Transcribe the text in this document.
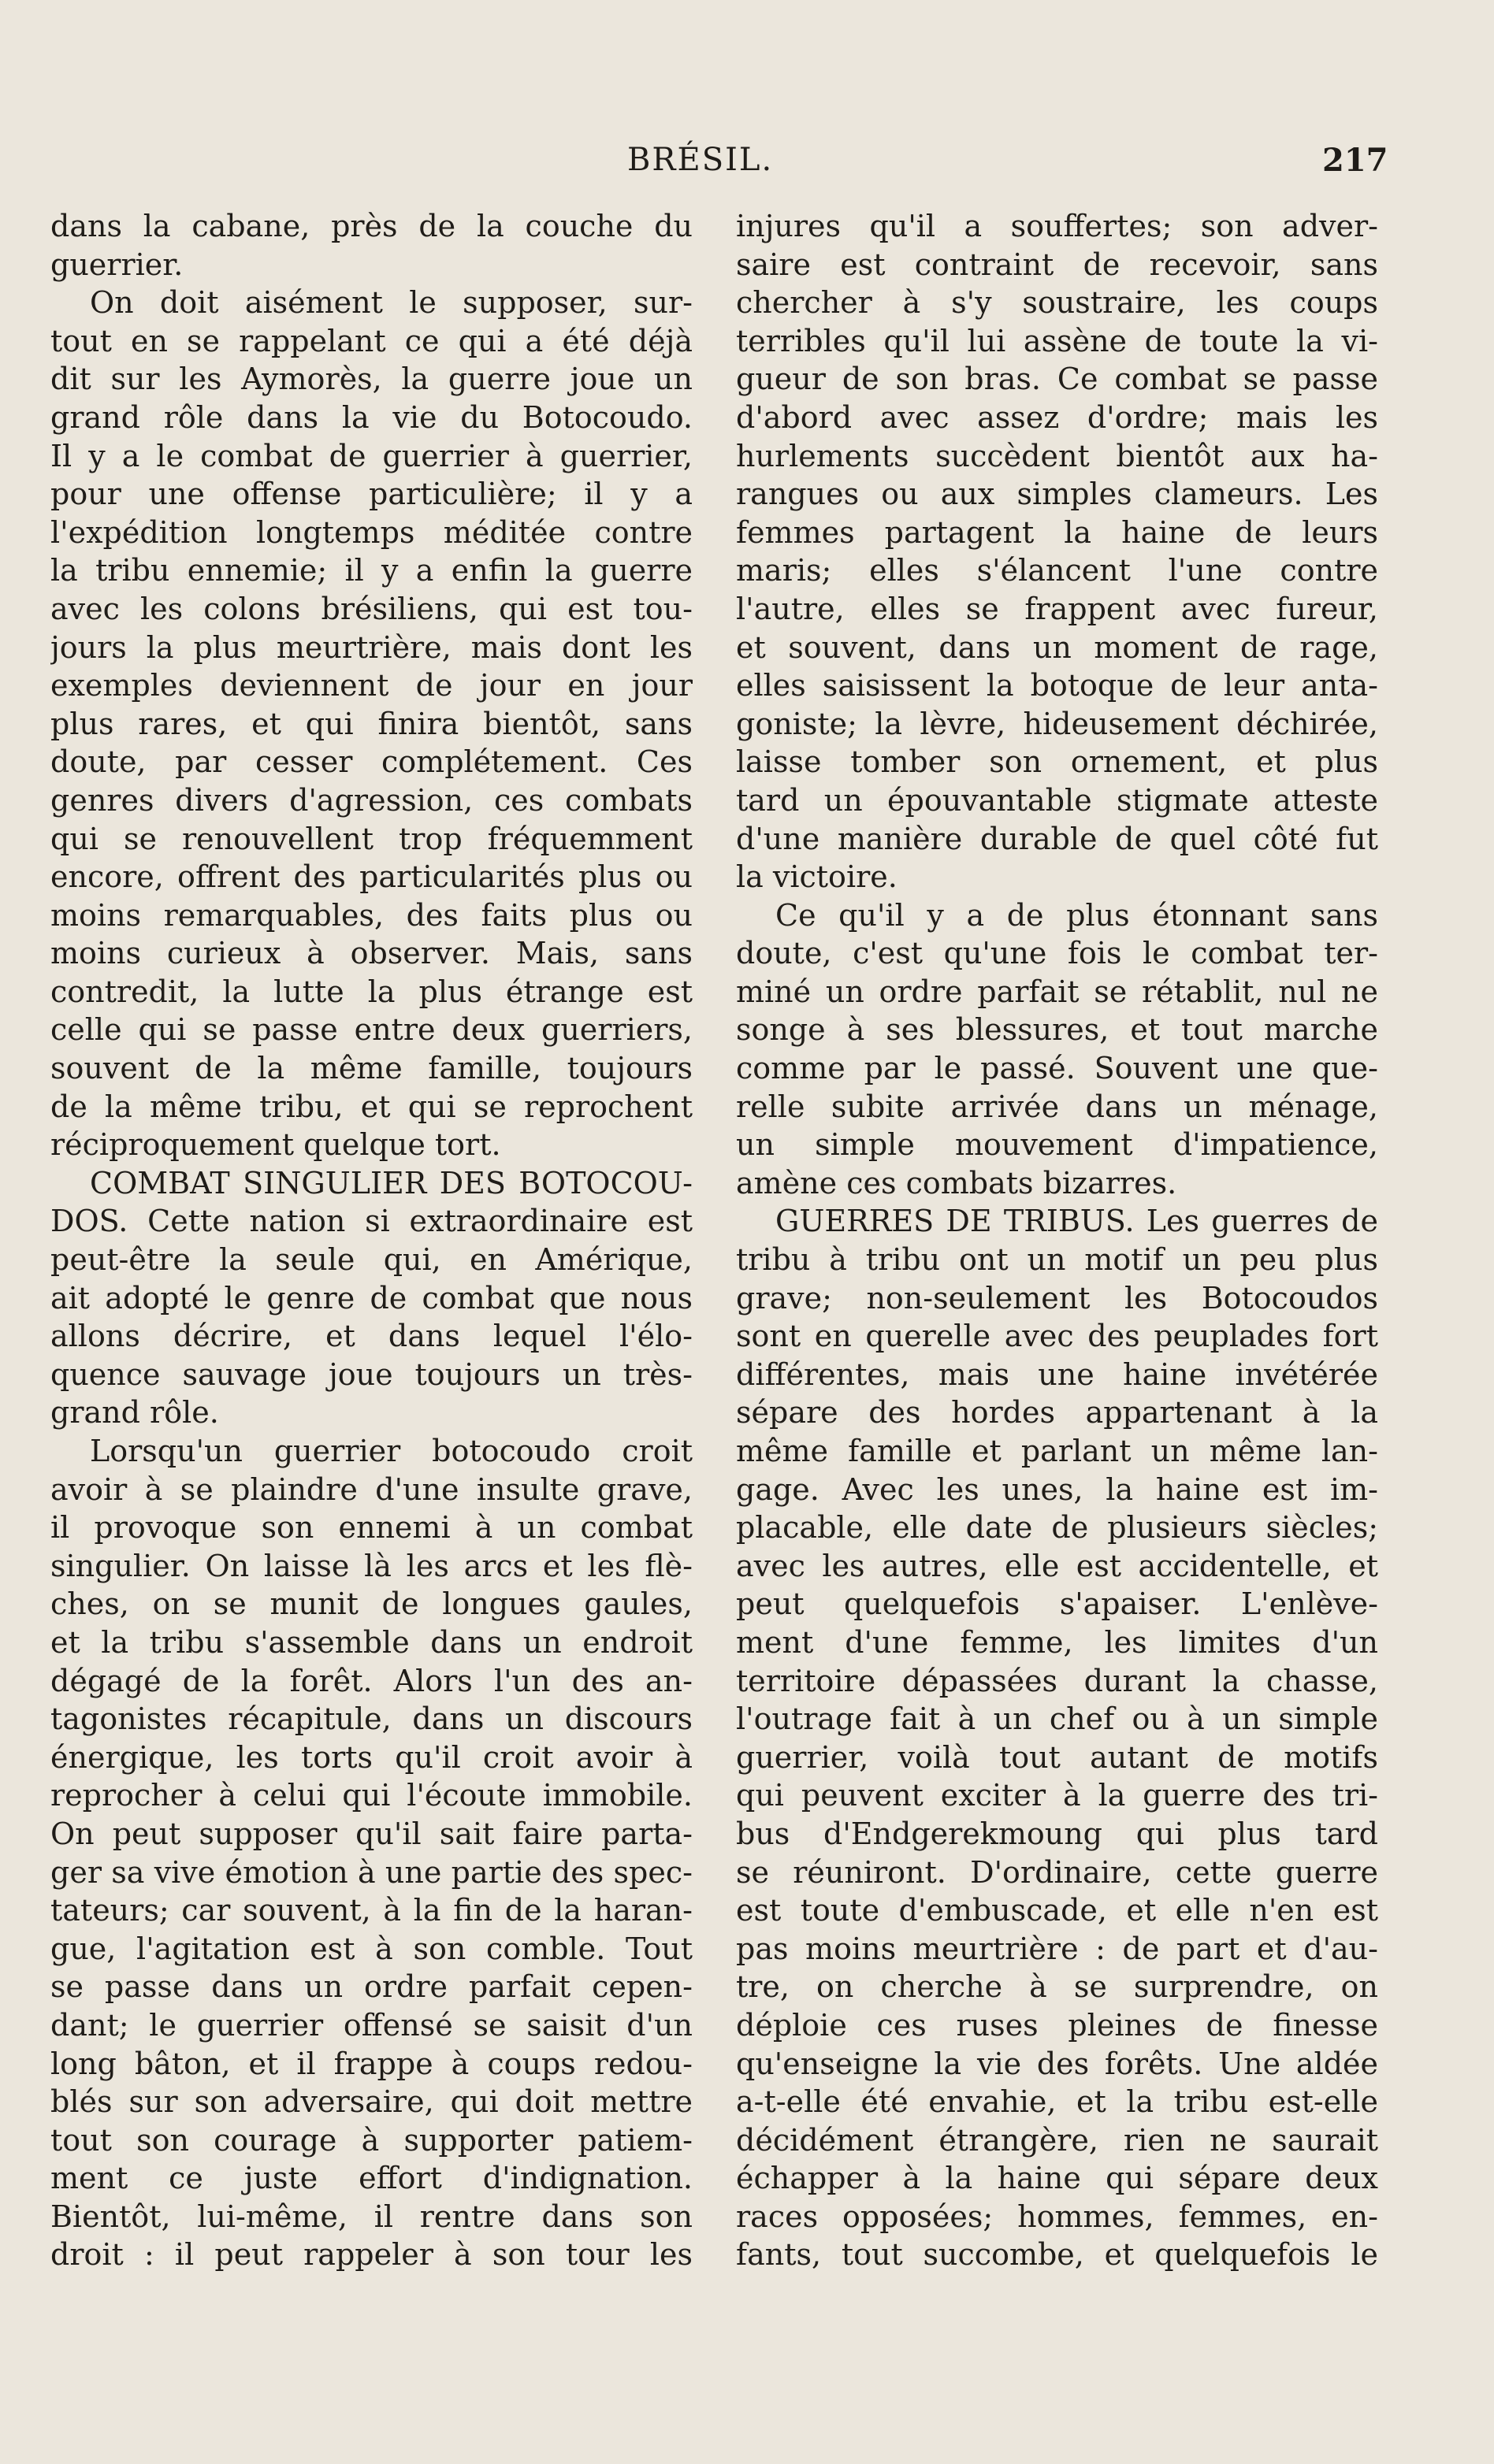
BRÉSIL.	217
dans la cabane, près de la couche du
guerrier.
On doit aisément le supposer, sur-
tout en se rappelant ce qui a été déjà
dit sur les Aymorès, la guerre joue un
grand rôle dans la vie du Botocoudo.
Il y a le combat de guerrier à guerrier,
pour une offense particulière; il y a
l'expédition longtemps méditée contre
la tribu ennemie; il y a enfin la guerre
avec les colons brésiliens, qui est tou-
jours la plus meurtrière, mais dont les
exemples deviennent de jour en jour
plus rares, et qui finira bientôt, sans
doute, par cesser complétement. Ces
genres divers d'agression, ces combats
qui se renouvellent trop fréquemment
encore, offrent des particularités plus ou
moins remarquables, des faits plus ou
moins curieux à observer. Mais, sans
contredit, la lutte la plus étrange est
celle qui se passe entre deux guerriers,
souvent de la même famille, toujours
de la même tribu, et qui se reprochent
réciproquement quelque tort.
COMBAT SINGULIER DES BOTOCOU-
DOS. Cette nation si extraordinaire est
peut-être la seule qui, en Amérique,
ait adopté le genre de combat que nous
allons décrire, et dans lequel l'élo-
quence sauvage joue toujours un très-
grand rôle.
Lorsqu'un guerrier botocoudo croit
avoir à se plaindre d'une insulte grave,
il provoque son ennemi à un combat
singulier. On laisse là les arcs et les flè-
ches, on se munit de longues gaules,
et la tribu s'assemble dans un endroit
dégagé de la forêt. Alors l'un des an-
tagonistes récapitule, dans un discours
énergique, les torts qu'il croit avoir à
reprocher à celui qui l'écoute immobile.
On peut supposer qu'il sait faire parta-
ger sa vive émotion à une partie des spec-
tateurs; car souvent, à la fin de la haran-
gue, l'agitation est à son comble. Tout
se passe dans un ordre parfait cepen-
dant; le guerrier offensé se saisit d'un
long bâton, et il frappe à coups redou-
blés sur son adversaire, qui doit mettre
tout son courage à supporter patiem-
ment ce juste effort d'indignation.
Bientôt, lui-même, il rentre dans son
droit : il peut rappeler à son tour les
injures qu'il a souffertes; son adver-
saire est contraint de recevoir, sans
chercher à s'y soustraire, les coups
terribles qu'il lui assène de toute la vi-
gueur de son bras. Ce combat se passe
d'abord avec assez d'ordre; mais les
hurlements succèdent bientôt aux ha-
rangues ou aux simples clameurs. Les
femmes partagent la haine de leurs
maris; elles s'élancent l'une contre
l'autre, elles se frappent avec fureur,
et souvent, dans un moment de rage,
elles saisissent la botoque de leur anta-
goniste; la lèvre, hideusement déchirée,
laisse tomber son ornement, et plus
tard un épouvantable stigmate atteste
d'une manière durable de quel côté fut
la victoire.
Ce qu'il y a de plus étonnant sans
doute, c'est qu'une fois le combat ter-
miné un ordre parfait se rétablit, nul ne
songe à ses blessures, et tout marche
comme par le passé. Souvent une que-
relle subite arrivée dans un ménage,
un simple mouvement d'impatience,
amène ces combats bizarres.
GUERRES DE TRIBUS. Les guerres de
tribu à tribu ont un motif un peu plus
grave; non-seulement les Botocoudos
sont en querelle avec des peuplades fort
différentes, mais une haine invétérée
sépare des hordes appartenant à la
même famille et parlant un même lan-
gage. Avec les unes, la haine est im-
placable, elle date de plusieurs siècles;
avec les autres, elle est accidentelle, et
peut quelquefois s'apaiser. L'enlève-
ment d'une femme, les limites d'un
territoire dépassées durant la chasse,
l'outrage fait à un chef ou à un simple
guerrier, voilà tout autant de motifs
qui peuvent exciter à la guerre des tri-
bus d'Endgerekmoung qui plus tard
se réuniront. D'ordinaire, cette guerre
est toute d'embuscade, et elle n'en est
pas moins meurtrière : de part et d'au-
tre, on cherche à se surprendre, on
déploie ces ruses pleines de finesse
qu'enseigne la vie des forêts. Une aldée
a-t-elle été envahie, et la tribu est-elle
décidément étrangère, rien ne saurait
échapper à la haine qui sépare deux
races opposées; hommes, femmes, en-
fants, tout succombe, et quelquefois le
